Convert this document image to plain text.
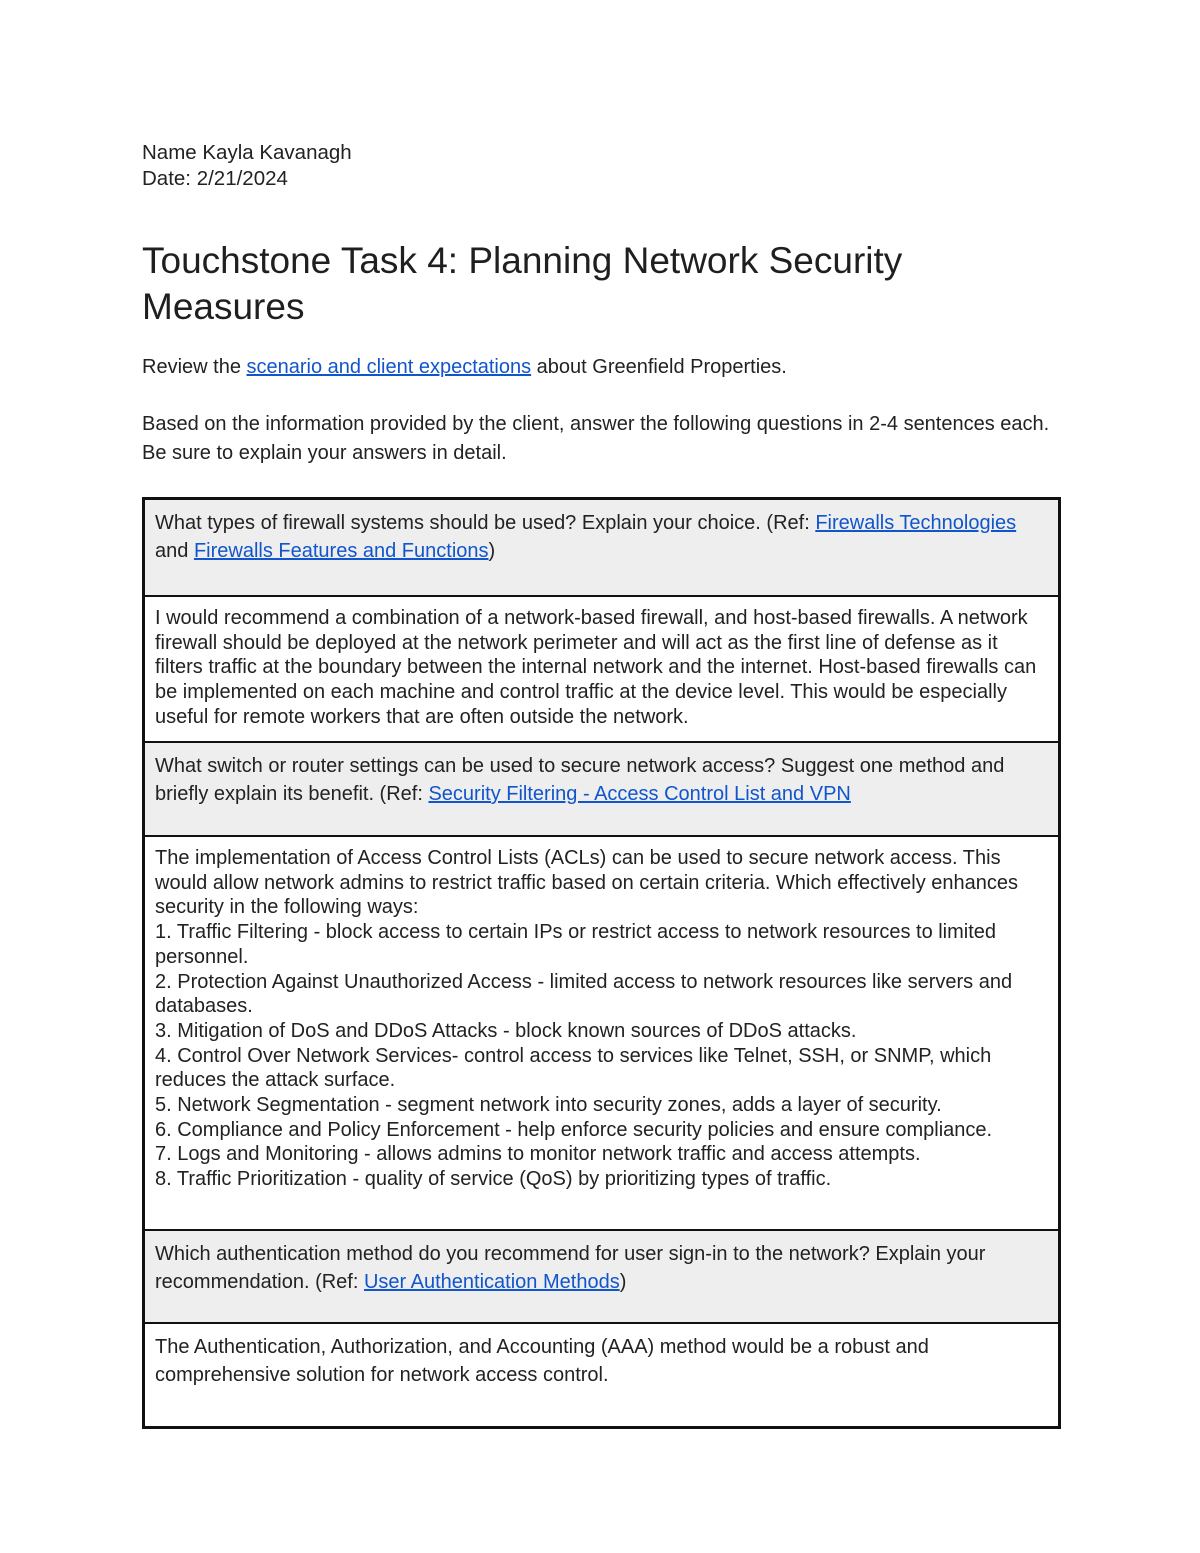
Name Kayla Kavanagh
Date: 2/21/2024
Touchstone Task 4: Planning Network Security Measures

Review the scenario and client expectations about Greenfield Properties.

Based on the information provided by the client, answer the following questions in 2-4 sentences each. Be sure to explain your answers in detail.

What types of firewall systems should be used? Explain your choice. (Ref: Firewalls Technologies and Firewalls Features and Functions)
I would recommend a combination of a network-based firewall, and host-based firewalls. A network firewall should be deployed at the network perimeter and will act as the first line of defense as it filters traffic at the boundary between the internal network and the internet. Host-based firewalls can be implemented on each machine and control traffic at the device level. This would be especially useful for remote workers that are often outside the network.
What switch or router settings can be used to secure network access? Suggest one method and briefly explain its benefit. (Ref: Security Filtering - Access Control List and VPN
The implementation of Access Control Lists (ACLs) can be used to secure network access. This would allow network admins to restrict traffic based on certain criteria. Which effectively enhances security in the following ways:
1. Traffic Filtering - block access to certain IPs or restrict access to network resources to limited personnel.
2. Protection Against Unauthorized Access - limited access to network resources like servers and databases.
3. Mitigation of DoS and DDoS Attacks - block known sources of DDoS attacks.
4. Control Over Network Services- control access to services like Telnet, SSH, or SNMP, which reduces the attack surface.
5. Network Segmentation - segment network into security zones, adds a layer of security.
6. Compliance and Policy Enforcement - help enforce security policies and ensure compliance.
7. Logs and Monitoring - allows admins to monitor network traffic and access attempts.
8. Traffic Prioritization - quality of service (QoS) by prioritizing types of traffic.
Which authentication method do you recommend for user sign-in to the network? Explain your recommendation. (Ref: User Authentication Methods)
The Authentication, Authorization, and Accounting (AAA) method would be a robust and comprehensive solution for network access control.
